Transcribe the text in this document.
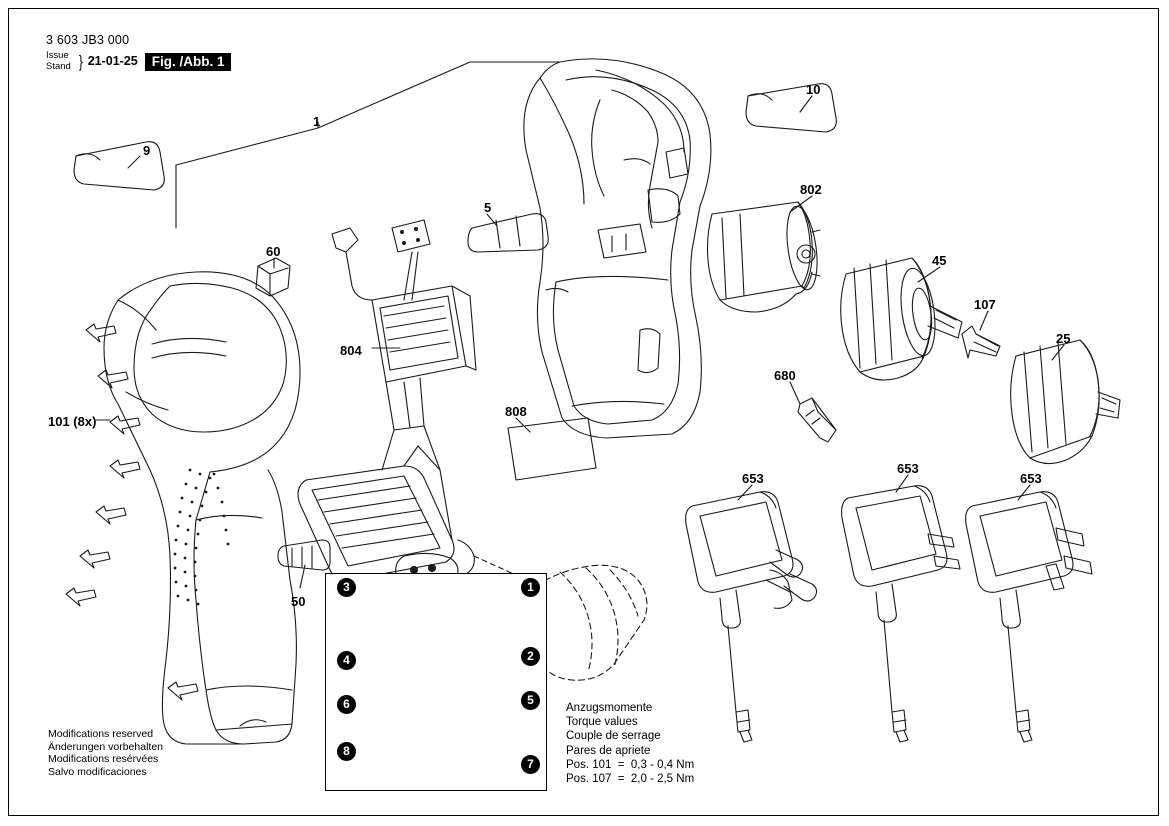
3 603 JB3 000
Issue
Stand } 21-01-25	Fig. /Abb. 1
3	1
4	2
6	5
8
7
1
9
10
60
5
802
45
107
25
804
808
680
101 (8x)
653
653
653
50
Anzugsmomente
Torque values
Couple de serrage
Pares de apriete
Pos. 101  =  0,3 - 0,4 Nm
Pos. 107  =  2,0 - 2,5 Nm
Modifications reserved
Änderungen vorbehalten
Modifications resérvées
Salvo modificaciones
